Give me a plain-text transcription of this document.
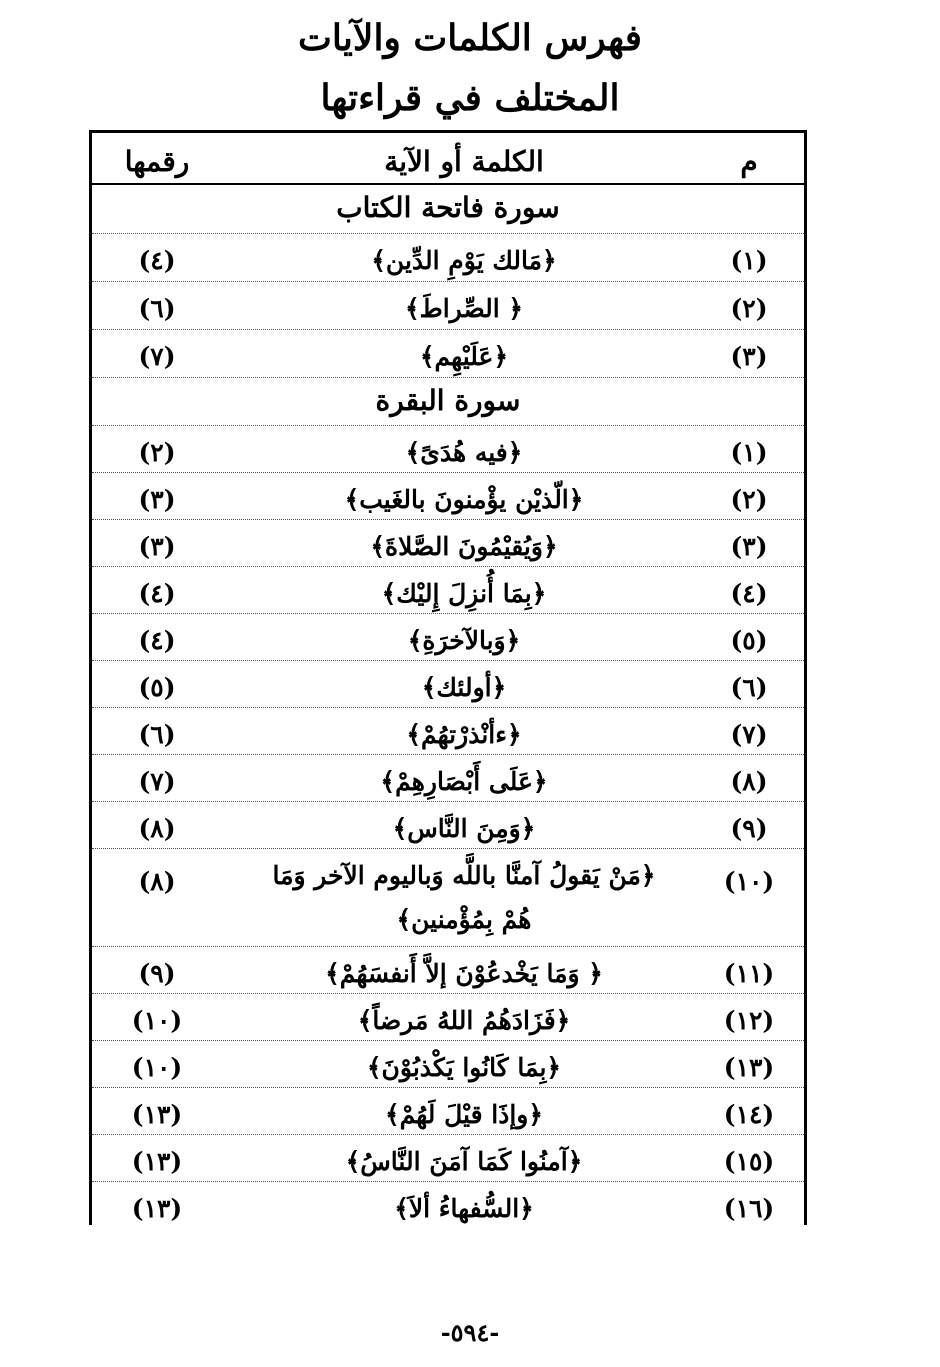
فهرس الكلمات والآيات
المختلف في قراءتها
م
الكلمة أو الآية
رقمها
سورة فاتحة الكتاب
(١)
﴿مَالك يَوْمِ الدِّين﴾
(٤)
(٢)
﴿ الصِّراطَ﴾
(٦)
(٣)
﴿عَلَيْهِم﴾
(٧)
سورة البقرة
(١)
﴿فيه هُدَىً﴾
(٢)
(٢)
﴿الّذيْن يؤْمنونَ بالغَيب﴾
(٣)
(٣)
﴿وَيُقيْمُونَ الصَّلاةَ﴾
(٣)
(٤)
﴿بِمَا أُنزِلَ إِليْك﴾
(٤)
(٥)
﴿وَبالآخرَةِ﴾
(٤)
(٦)
﴿أولئك﴾
(٥)
(٧)
﴿ءأنْذرْتهُمْ﴾
(٦)
(٨)
﴿عَلَى أَبْصَارِهِمْ﴾
(٧)
(٩)
﴿وَمِنَ النَّاس﴾
(٨)
(١٠)
﴿مَنْ يَقولُ آمنَّا باللَّه وَباليوم الآخر وَمَا هُمْ بِمُؤْمنين﴾
(٨)
(١١)
﴿ وَمَا يَخْدعُوْنَ إلاَّ أَنفسَهُمْ﴾
(٩)
(١٢)
﴿فَزَادَهُمُ اللهُ مَرضاً﴾
(١٠)
(١٣)
﴿بِمَا كَانُوا يَكْذبُوْنَ﴾
(١٠)
(١٤)
﴿وإذَا قيْلَ لَهُمْ﴾
(١٣)
(١٥)
﴿آمنُوا كَمَا آمَنَ النَّاسُ﴾
(١٣)
(١٦)
﴿السُّفهاءُ ألاَ﴾
(١٣)
-٥٩٤-
